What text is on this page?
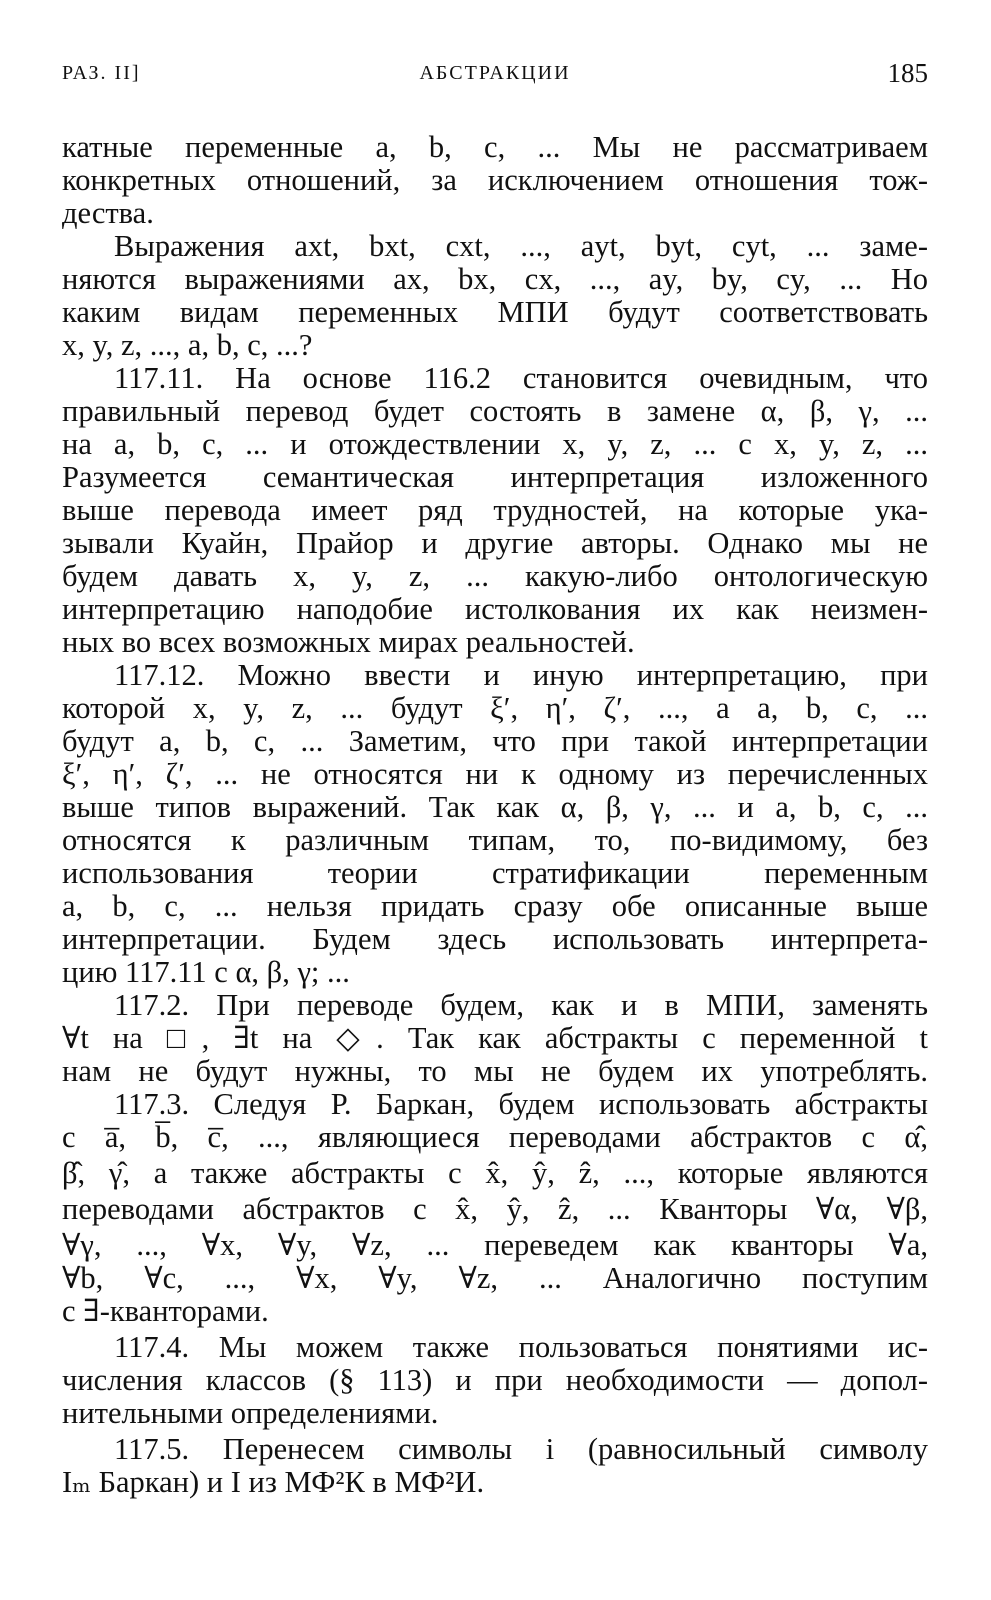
РАЗ. II]	АБСТРАКЦИИ	185
катные переменные a, b, c, ... Мы не рассматриваем
конкретных отношений, за исключением отношения тож-
дества.
Выражения axt, bxt, cxt, ..., ayt, byt, cyt, ... заме-
няются выражениями ax, bx, cx, ..., ay, by, cy, ... Но
каким видам переменных МПИ будут соответствовать
x, y, z, ..., a, b, c, ...?
117.11. На основе 116.2 становится очевидным, что
правильный перевод будет состоять в замене α, β, γ, ...
на a, b, c, ... и отождествлении x, y, z, ... с x, y, z, ...
Разумеется семантическая интерпретация изложенного
выше перевода имеет ряд трудностей, на которые ука-
зывали Куайн, Прайор и другие авторы. Однако мы не
будем давать x, y, z, ... какую-либо онтологическую
интерпретацию наподобие истолкования их как неизмен-
ных во всех возможных мирах реальностей.
117.12. Можно ввести и иную интерпретацию, при
которой x, y, z, ... будут ξ′, η′, ζ′, ..., а a, b, c, ...
будут a, b, c, ... Заметим, что при такой интерпретации
ξ′, η′, ζ′, ... не относятся ни к одному из перечисленных
выше типов выражений. Так как α, β, γ, ... и a, b, c, ...
относятся к различным типам, то, по-видимому, без
использования теории стратификации переменным
a, b, c, ... нельзя придать сразу обе описанные выше
интерпретации. Будем здесь использовать интерпрета-
цию 117.11 с α, β, γ; ...
117.2. При переводе будем, как и в МПИ, заменять
∀t на □, ∃t на ◇. Так как абстракты с переменной t
нам не будут нужны, то мы не будем их употреблять.
117.3. Следуя Р. Баркан, будем использовать абстракты
с a̅, b̅, c̅, ..., являющиеся переводами абстрактов с α̂,
β̂, γ̂, а также абстракты с x̂, ŷ, ẑ, ..., которые являются
переводами абстрактов с x̂, ŷ, ẑ, ... Кванторы ∀α, ∀β,
∀γ, ..., ∀x, ∀y, ∀z, ... переведем как кванторы ∀a,
∀b, ∀c, ..., ∀x, ∀y, ∀z, ... Аналогично поступим
с ∃-кванторами.
117.4. Мы можем также пользоваться понятиями ис-
числения классов (§ 113) и при необходимости — допол-
нительными определениями.
117.5. Перенесем символы i (равносильный символу
Iₘ Баркан) и I из МФ²К в МФ²И.
